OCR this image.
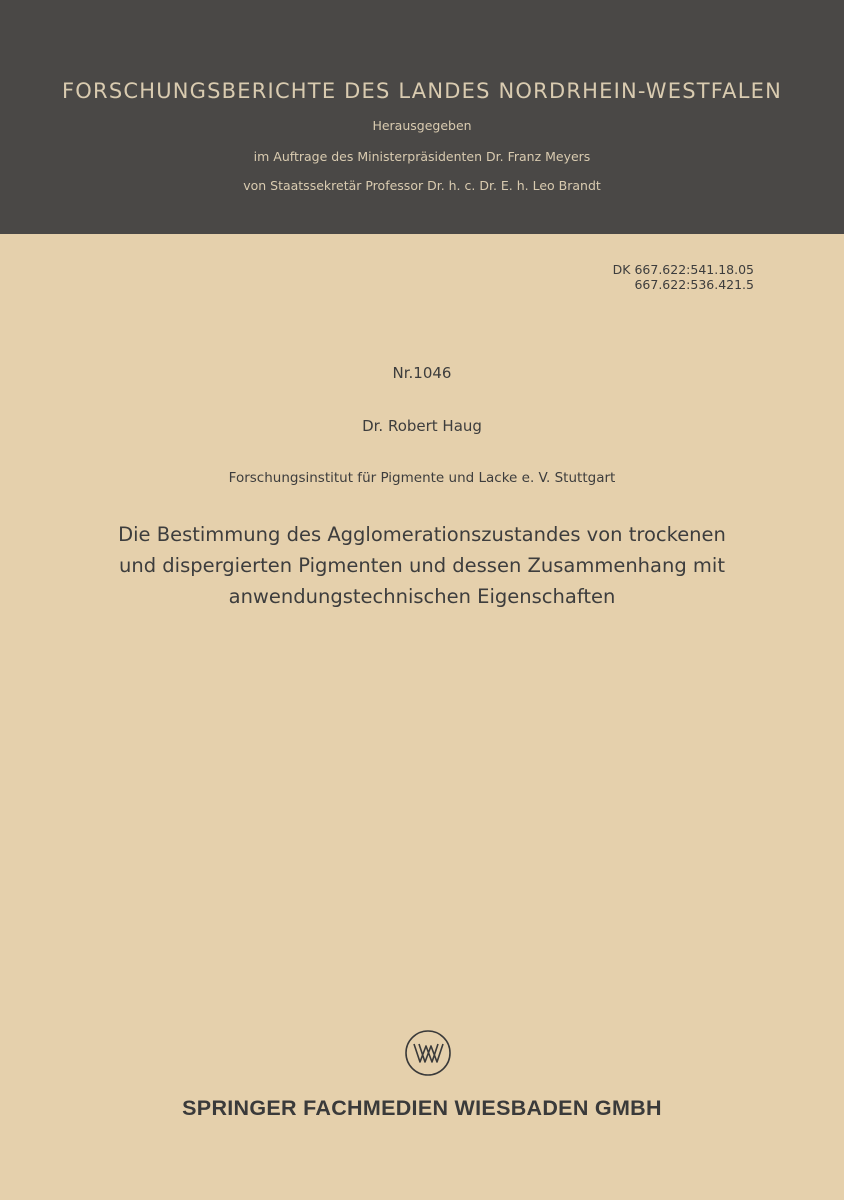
FORSCHUNGSBERICHTE DES LANDES NORDRHEIN-WESTFALEN
Herausgegeben
im Auftrage des Ministerpräsidenten Dr. Franz Meyers
von Staatssekretär Professor Dr. h. c. Dr. E. h. Leo Brandt
DK 667.622:541.18.05
667.622:536.421.5
Nr.1046
Dr. Robert Haug
Forschungsinstitut für Pigmente und Lacke e. V. Stuttgart
Die Bestimmung des Agglomerationszustandes von trockenen und dispergierten Pigmenten und dessen Zusammenhang mit anwendungstechnischen Eigenschaften
SPRINGER FACHMEDIEN WIESBADEN GMBH
